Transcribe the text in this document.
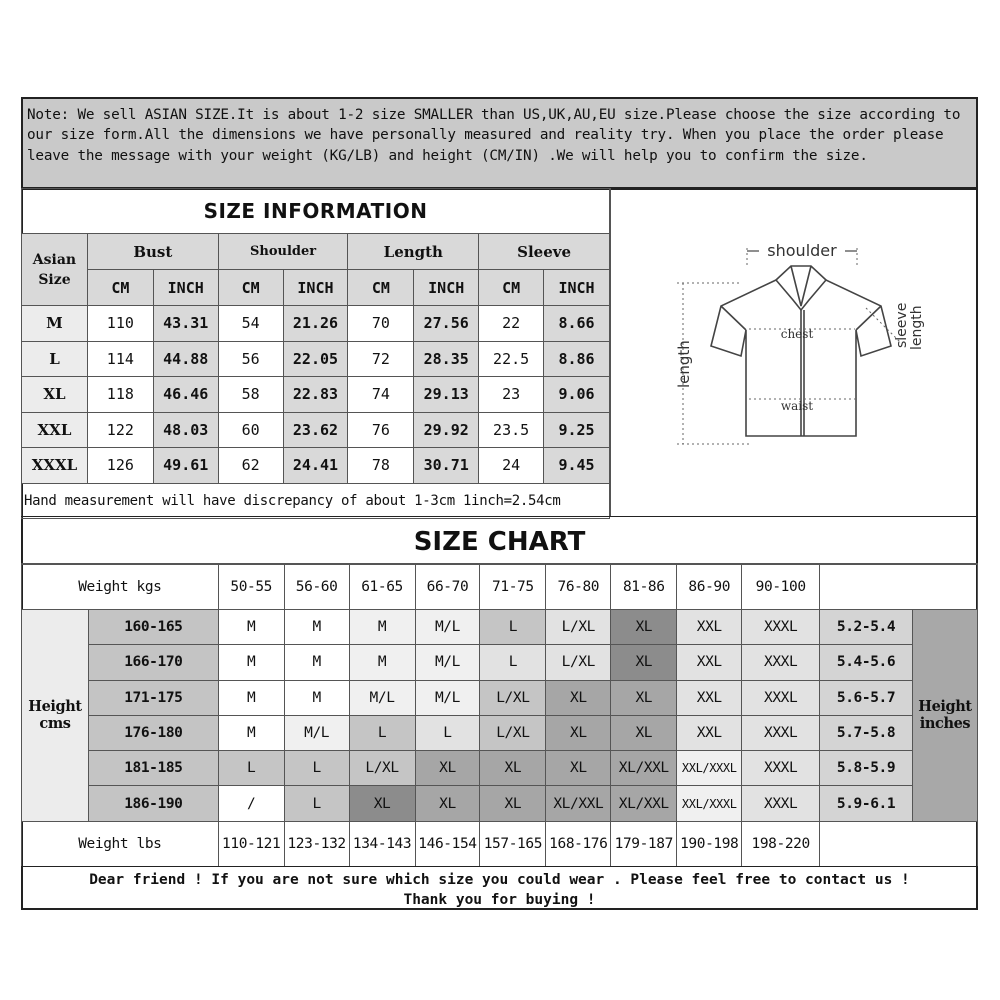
Note: We sell ASIAN SIZE.It is about 1-2 size SMALLER than US,UK,AU,EU size.Please choose the size according to our size form.All the dimensions we have personally measured and reality try. When you place the order please leave the message with your weight (KG/LB) and height (CM/IN) .We will help you to confirm the size.
SIZE INFORMATION								
Asian Size	Bust		Shoulder		Length		Sleeve	
	CM	INCH	CM	INCH	CM	INCH	CM	INCH
M	110	43.31	54	21.26	70	27.56	22	8.66
L	114	44.88	56	22.05	72	28.35	22.5	8.86
XL	118	46.46	58	22.83	74	29.13	23	9.06
XXL	122	48.03	60	23.62	76	29.92	23.5	9.25
XXXL	126	49.61	62	24.41	78	30.71	24	9.45
Hand measurement will have discrepancy of about 1-3cm 1inch=2.54cm								
shoulder
chest
waist
length
sleeve length
SIZE CHART
Weight kgs		50-55	56-60	61-65	66-70	71-75	76-80	81-86	86-90	90-100		
Height cms	160-165	M	M	M	M/L	L	L/XL	XL	XXL	XXXL	5.2-5.4	Height inches
	166-170	M	M	M	M/L	L	L/XL	XL	XXL	XXXL	5.4-5.6	
	171-175	M	M	M/L	M/L	L/XL	XL	XL	XXL	XXXL	5.6-5.7	
	176-180	M	M/L	L	L	L/XL	XL	XL	XXL	XXXL	5.7-5.8	
	181-185	L	L	L/XL	XL	XL	XL	XL/XXL	XXL/XXXL	XXXL	5.8-5.9	
	186-190	/	L	XL	XL	XL	XL/XXL	XL/XXL	XXL/XXXL	XXXL	5.9-6.1	
Weight lbs		110-121	123-132	134-143	146-154	157-165	168-176	179-187	190-198	198-220		
Dear friend ! If you are not sure which size you could wear . Please feel free to contact us !
Thank you for buying !
